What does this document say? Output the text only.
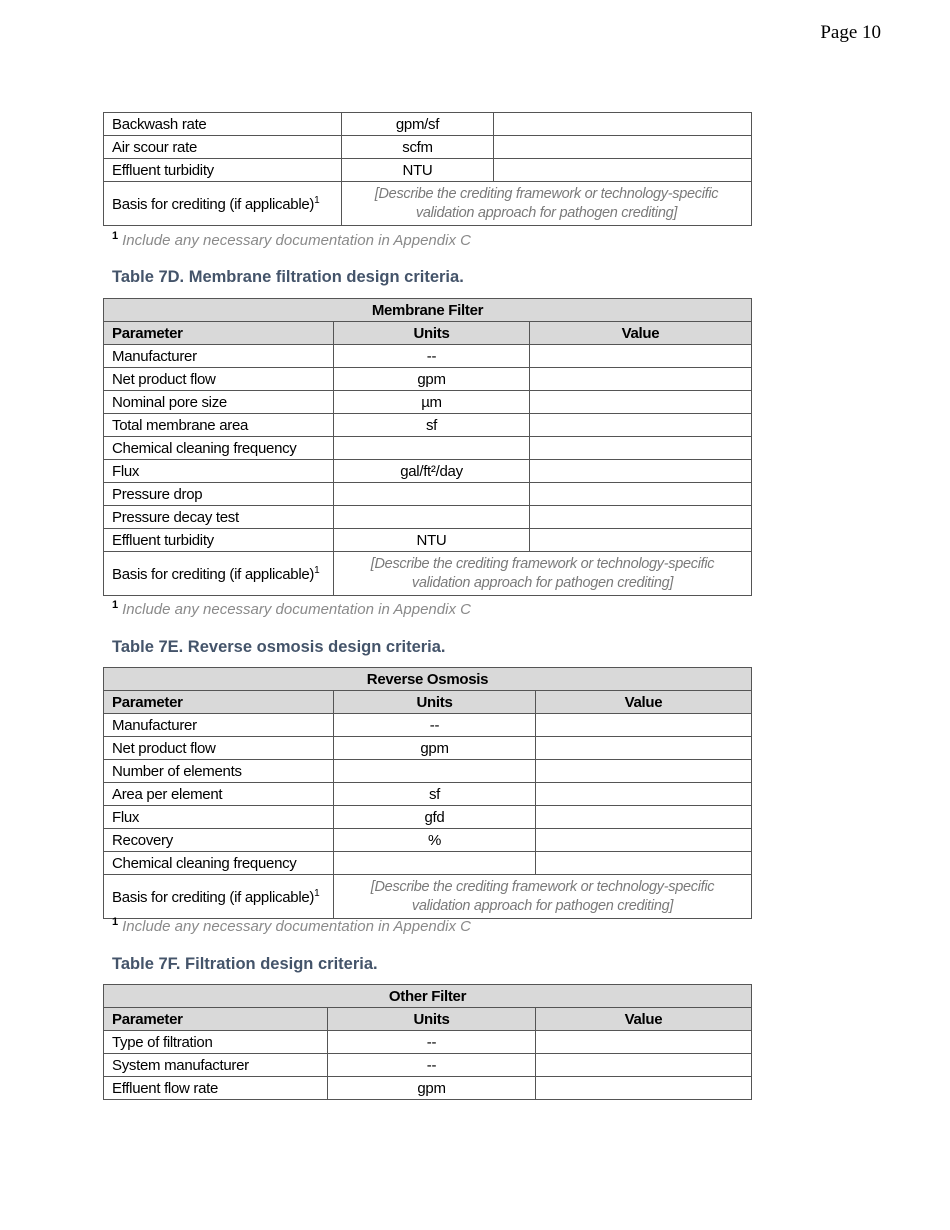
Page 10
Backwash rate	gpm/sf	
Air scour rate	scfm	
Effluent turbidity	NTU	
Basis for crediting (if applicable)$^1$	[Describe the crediting framework or technology-specific
validation approach for pathogen crediting]	
$^1$ Include any necessary documentation in Appendix C
Table 7D. Membrane filtration design criteria.
Membrane Filter		
Parameter	Units	Value
Manufacturer	--	
Net product flow	gpm	
Nominal pore size	µm	
Total membrane area	sf	
Chemical cleaning frequency		
Flux	gal/ft²/day	
Pressure drop		
Pressure decay test		
Effluent turbidity	NTU	
Basis for crediting (if applicable)$^1$	[Describe the crediting framework or technology-specific
validation approach for pathogen crediting]	
$^1$ Include any necessary documentation in Appendix C
Table 7E. Reverse osmosis design criteria.
Reverse Osmosis		
Parameter	Units	Value
Manufacturer	--	
Net product flow	gpm	
Number of elements		
Area per element	sf	
Flux	gfd	
Recovery	%	
Chemical cleaning frequency		
Basis for crediting (if applicable)$^1$	[Describe the crediting framework or technology-specific
validation approach for pathogen crediting]	
$^1$ Include any necessary documentation in Appendix C
Table 7F. Filtration design criteria.
Other Filter		
Parameter	Units	Value
Type of filtration	--	
System manufacturer	--	
Effluent flow rate	gpm	
